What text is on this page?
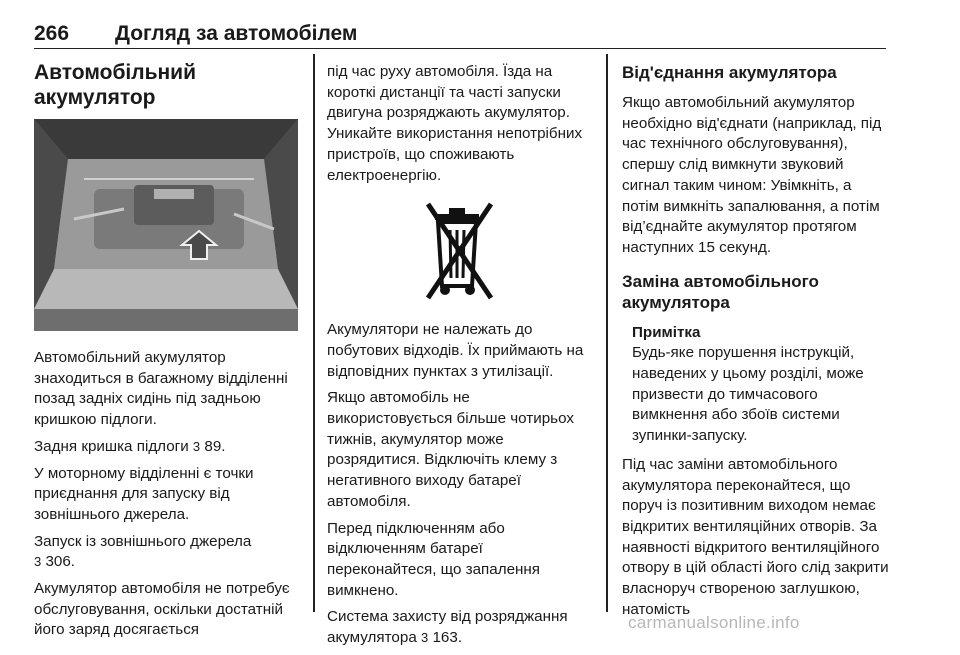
266 Догляд за автомобілем
Автомобільний акумулятор

Автомобільний акумулятор знаходиться в багажному відділенні позад задніх сидінь під задньою кришкою підлоги.

Задня кришка підлоги 3 89.

У моторному відділенні є точки приєднання для запуску від зовнішнього джерела.

Запуск із зовнішнього джерела
3 306.

Акумулятор автомобіля не потребує обслуговування, оскільки достатній його заряд досягається

під час руху автомобіля. Їзда на короткі дистанції та часті запуски двигуна розряджають акумулятор. Уникайте використання непотрібних пристроїв, що споживають електроенергію.

Акумулятори не належать до побутових відходів. Їх приймають на відповідних пунктах з утилізації.

Якщо автомобіль не використовується більше чотирьох тижнів, акумулятор може розрядитися. Відключіть клему з негативного виходу батареї автомобіля.

Перед підключенням або відключенням батареї переконайтеся, що запалення вимкнено.

Система захисту від розряджання акумулятора 3 163.

Від'єднання акумулятора

Якщо автомобільний акумулятор необхідно від'єднати (наприклад, під час технічного обслуговування), спершу слід вимкнути звуковий сигнал таким чином: Увімкніть, а потім вимкніть запалювання, а потім від’єднайте акумулятор протягом наступних 15 секунд.

Заміна автомобільного акумулятора
Примітка
Будь-яке порушення інструкцій, наведених у цьому розділі, може призвести до тимчасового вимкнення або збоїв системи зупинки-запуску.

Під час заміни автомобільного акумулятора переконайтеся, що поруч із позитивним виходом немає відкритих вентиляційних отворів. За наявності відкритого вентиляційного отвору в цій області його слід закрити власноруч створеною заглушкою, натомість

carmanualsonline.info
